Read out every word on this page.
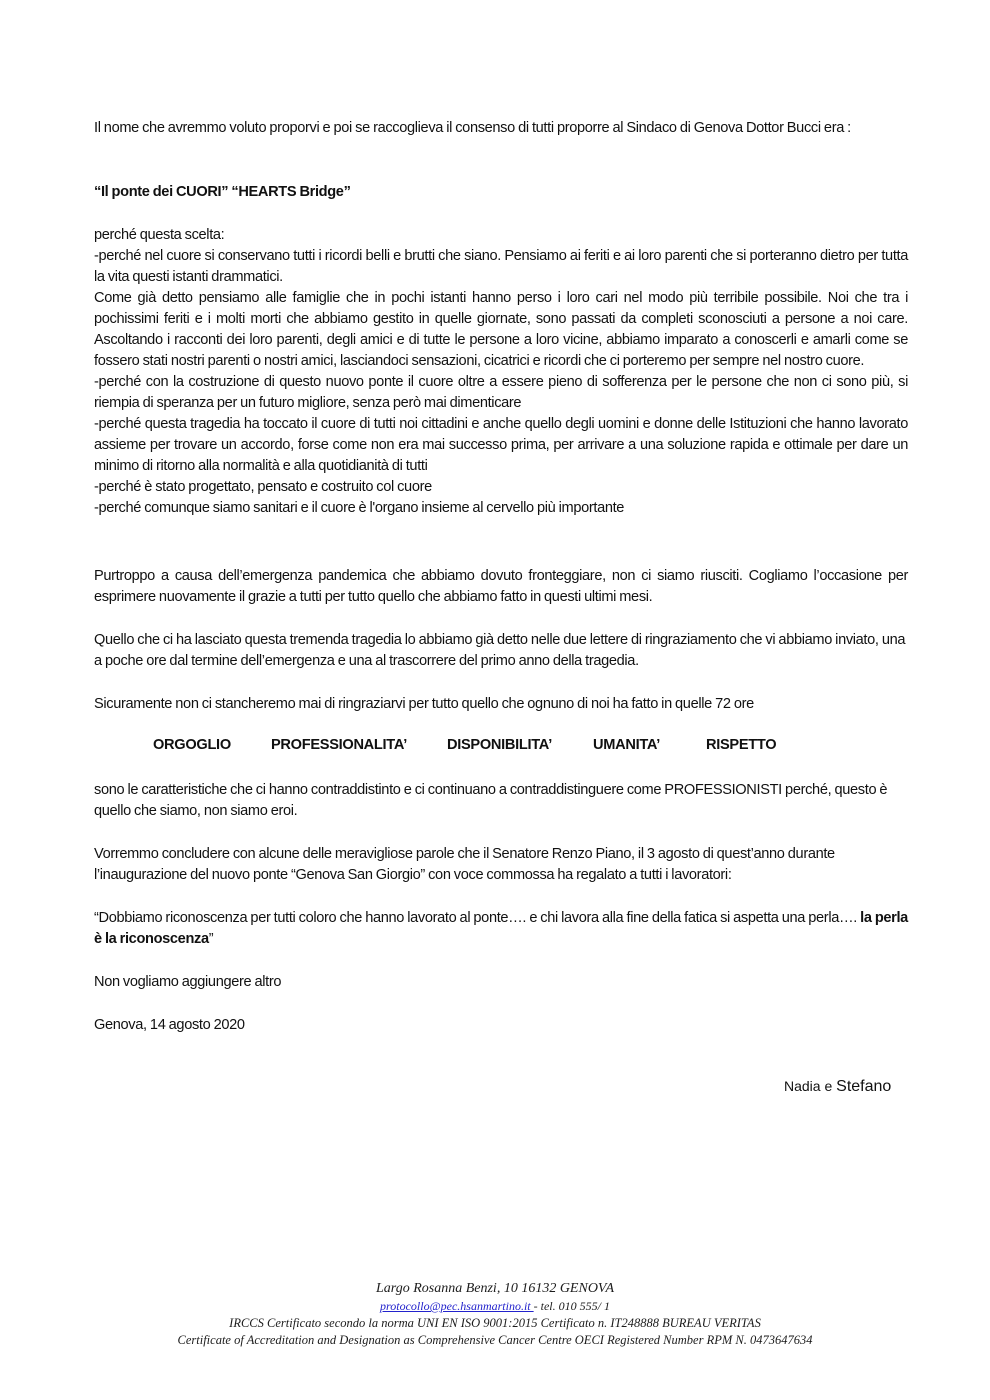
Il nome che avremmo voluto proporvi e poi se raccoglieva il consenso di tutti proporre al Sindaco di Genova Dottor Bucci era :

“Il ponte dei CUORI” “HEARTS Bridge”

perché questa scelta:

-perché nel cuore si conservano tutti i ricordi belli e brutti che siano. Pensiamo ai feriti e ai loro parenti che si porteranno dietro per tutta la vita questi istanti drammatici.

Come già detto pensiamo alle famiglie che in pochi istanti hanno perso i loro cari nel modo più terribile possibile. Noi che tra i pochissimi feriti e i molti morti che abbiamo gestito in quelle giornate, sono passati da completi sconosciuti a persone a noi care. Ascoltando i racconti dei loro parenti, degli amici e di tutte le persone a loro vicine, abbiamo imparato a conoscerli e amarli come se fossero stati nostri parenti o nostri amici, lasciandoci sensazioni, cicatrici e ricordi che ci porteremo per sempre nel nostro cuore.

-perché con la costruzione di questo nuovo ponte il cuore oltre a essere pieno di sofferenza per le persone che non ci sono più, si riempia di speranza per un futuro migliore, senza però mai dimenticare

-perché questa tragedia ha toccato il cuore di tutti noi cittadini e anche quello degli uomini e donne delle Istituzioni che hanno lavorato assieme per trovare un accordo, forse come non era mai successo prima, per arrivare a una soluzione rapida e ottimale per dare un minimo di ritorno alla normalità e alla quotidianità di tutti

-perché è stato progettato, pensato e costruito col cuore

-perché comunque siamo sanitari e il cuore è l'organo insieme al cervello più importante

Purtroppo a causa dell’emergenza pandemica che abbiamo dovuto fronteggiare, non ci siamo riusciti. Cogliamo l’occasione per esprimere nuovamente il grazie a tutti per tutto quello che abbiamo fatto in questi ultimi mesi.

Quello che ci ha lasciato questa tremenda tragedia lo abbiamo già detto nelle due lettere di ringraziamento che vi abbiamo inviato, una a poche ore dal termine dell’emergenza e una al trascorrere del primo anno della tragedia.

Sicuramente non ci stancheremo mai di ringraziarvi per tutto quello che ognuno di noi ha fatto in quelle 72 ore

ORGOGLIO	PROFESSIONALITA’	DISPONIBILITA’	UMANITA’	RISPETTO

sono le caratteristiche che ci hanno contraddistinto e ci continuano a contraddistinguere come PROFESSIONISTI perché, questo è quello che siamo, non siamo eroi.

Vorremmo concludere con alcune delle meravigliose parole che il Senatore Renzo Piano, il 3 agosto di quest’anno durante l’inaugurazione del nuovo ponte “Genova San Giorgio” con voce commossa ha regalato a tutti i lavoratori:

“Dobbiamo riconoscenza per tutti coloro che hanno lavorato al ponte…. e chi lavora alla fine della fatica si aspetta una perla…. la perla è la riconoscenza”

Non vogliamo aggiungere altro

Genova, 14 agosto 2020

Nadia e Stefano
Largo Rosanna Benzi, 10 16132 GENOVA
protocollo@pec.hsanmartino.it - tel. 010 555/ 1
IRCCS Certificato secondo la norma UNI EN ISO 9001:2015 Certificato n. IT248888 BUREAU VERITAS
Certificate of Accreditation and Designation as Comprehensive Cancer Centre OECI Registered Number RPM N. 0473647634
